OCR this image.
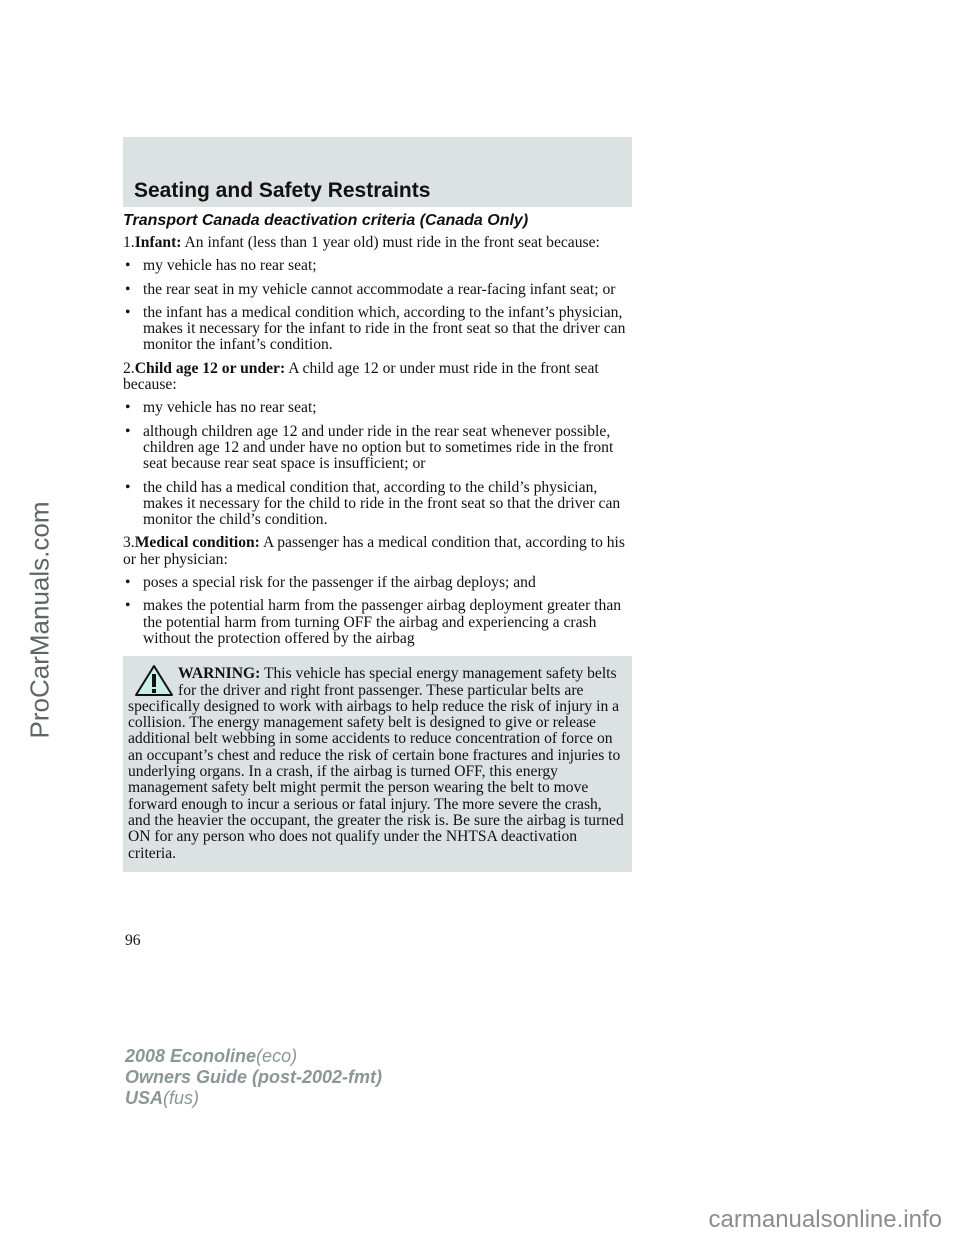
Seating and Safety Restraints
Transport Canada deactivation criteria (Canada Only)

1.Infant: An infant (less than 1 year old) must ride in the front seat because:

• my vehicle has no rear seat;
• the rear seat in my vehicle cannot accommodate a rear-facing infant seat; or
• the infant has a medical condition which, according to the infant’s physician, makes it necessary for the infant to ride in the front seat so that the driver can monitor the infant’s condition.

2.Child age 12 or under: A child age 12 or under must ride in the front seat because:

• my vehicle has no rear seat;
• although children age 12 and under ride in the rear seat whenever possible, children age 12 and under have no option but to sometimes ride in the front seat because rear seat space is insufficient; or
• the child has a medical condition that, according to the child’s physician, makes it necessary for the child to ride in the front seat so that the driver can monitor the child’s condition.

3.Medical condition: A passenger has a medical condition that, according to his or her physician:

• poses a special risk for the passenger if the airbag deploys; and
• makes the potential harm from the passenger airbag deployment greater than the potential harm from turning OFF the airbag and experiencing a crash without the protection offered by the airbag
WARNING: This vehicle has special energy management safety belts for the driver and right front passenger. These particular belts are specifically designed to work with airbags to help reduce the risk of injury in a collision. The energy management safety belt is designed to give or release additional belt webbing in some accidents to reduce concentration of force on an occupant’s chest and reduce the risk of certain bone fractures and injuries to underlying organs. In a crash, if the airbag is turned OFF, this energy management safety belt might permit the person wearing the belt to move forward enough to incur a serious or fatal injury. The more severe the crash, and the heavier the occupant, the greater the risk is. Be sure the airbag is turned ON for any person who does not qualify under the NHTSA deactivation criteria.
96
2008 Econoline(eco)
Owners Guide (post-2002-fmt)
USA(fus)
ProCarManuals.com
carmanualsonline.info
